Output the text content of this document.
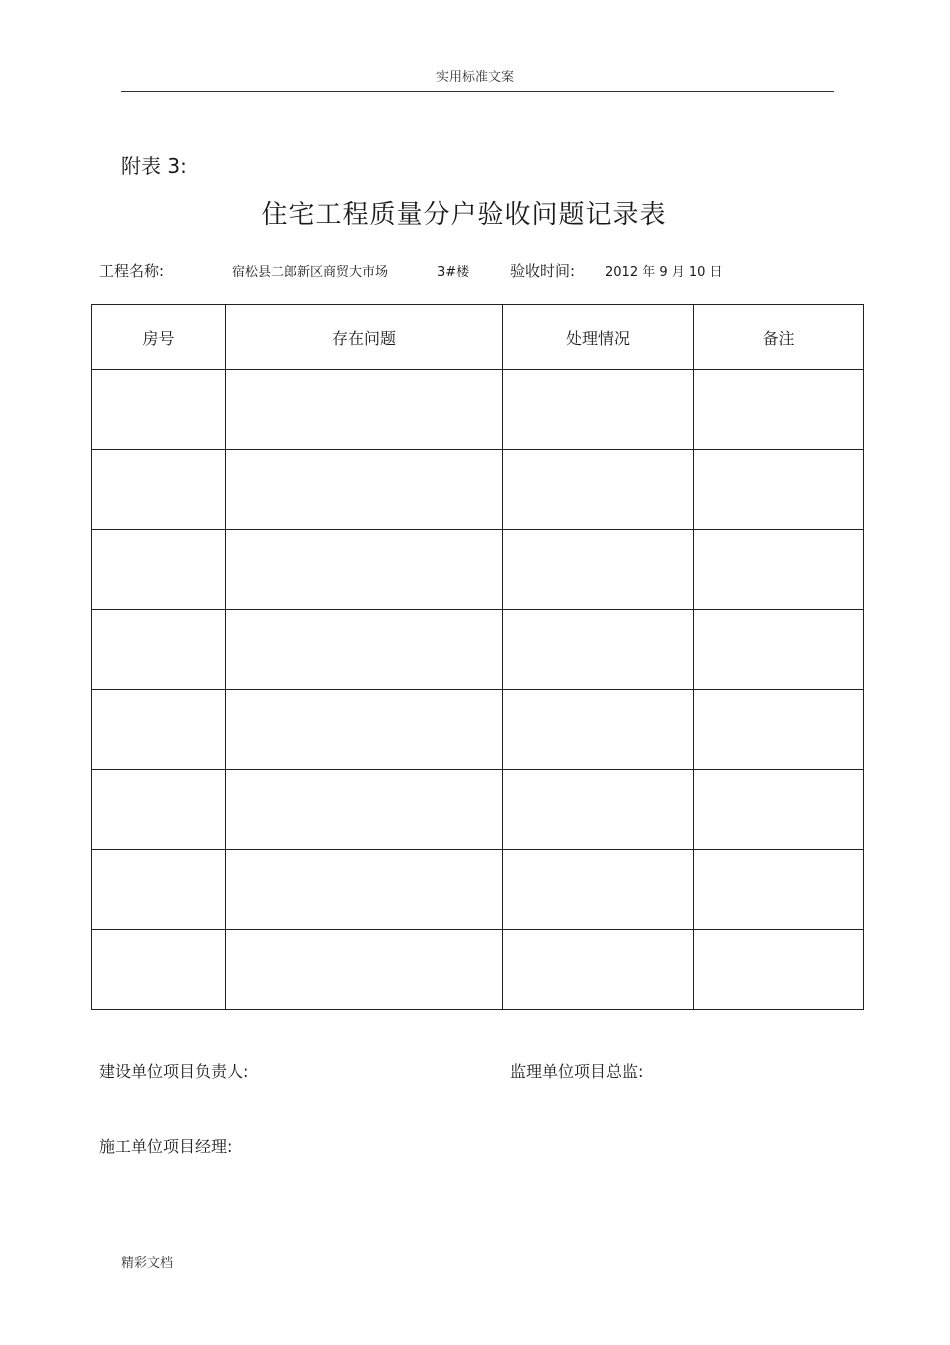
实用标准文案
附表 3:
住宅工程质量分户验收问题记录表
工程名称:	宿松县二郎新区商贸大市场	3#楼	验收时间: 2012 年 9 月 10 日
房号	存在问题	处理情况	备注

建设单位项目负责人:	监理单位项目总监:
施工单位项目经理:
精彩文档
